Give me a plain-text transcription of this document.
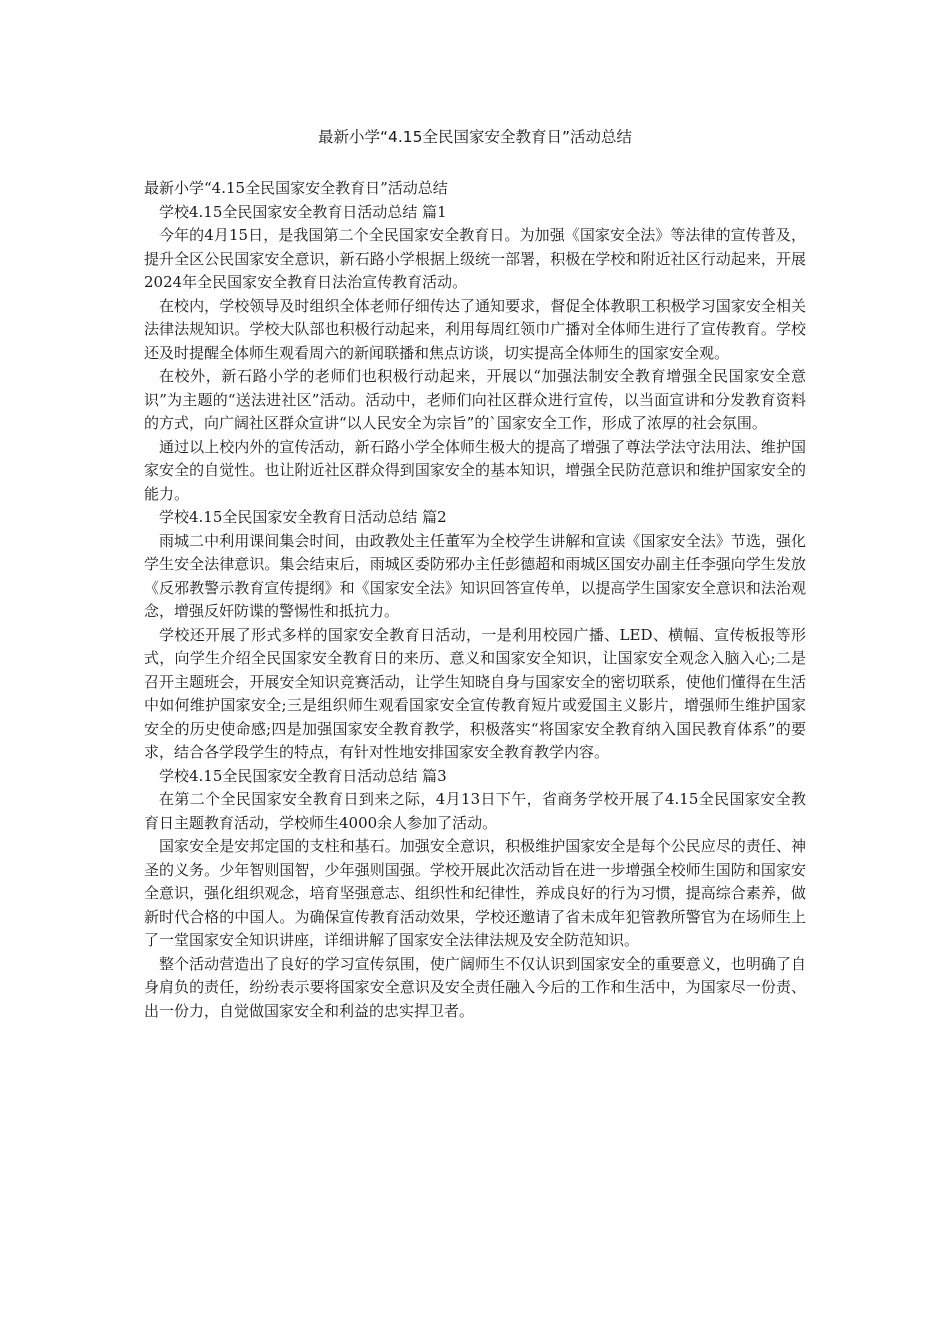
最新小学“4.15全民国家安全教育日”活动总结

最新小学“4.15全民国家安全教育日”活动总结

学校4.15全民国家安全教育日活动总结 篇1

今年的4月15日，是我国第二个全民国家安全教育日。为加强《国家安全法》等法律的宣传普及，提升全区公民国家安全意识，新石路小学根据上级统一部署，积极在学校和附近社区行动起来，开展2024年全民国家安全教育日法治宣传教育活动。

在校内，学校领导及时组织全体老师仔细传达了通知要求，督促全体教职工积极学习国家安全相关法律法规知识。学校大队部也积极行动起来，利用每周红领巾广播对全体师生进行了宣传教育。学校还及时提醒全体师生观看周六的新闻联播和焦点访谈，切实提高全体师生的国家安全观。

在校外，新石路小学的老师们也积极行动起来，开展以“加强法制安全教育增强全民国家安全意识”为主题的“送法进社区”活动。活动中，老师们向社区群众进行宣传，以当面宣讲和分发教育资料的方式，向广阔社区群众宣讲“以人民安全为宗旨”的`国家安全工作，形成了浓厚的社会氛围。

通过以上校内外的宣传活动，新石路小学全体师生极大的提高了增强了尊法学法守法用法、维护国家安全的自觉性。也让附近社区群众得到国家安全的基本知识，增强全民防范意识和维护国家安全的能力。

学校4.15全民国家安全教育日活动总结 篇2

雨城二中利用课间集会时间，由政教处主任董军为全校学生讲解和宣读《国家安全法》节选，强化学生安全法律意识。集会结束后，雨城区委防邪办主任彭德超和雨城区国安办副主任李强向学生发放《反邪教警示教育宣传提纲》和《国家安全法》知识回答宣传单，以提高学生国家安全意识和法治观念，增强反奸防谍的警惕性和抵抗力。

学校还开展了形式多样的国家安全教育日活动，一是利用校园广播、LED、横幅、宣传板报等形式，向学生介绍全民国家安全教育日的来历、意义和国家安全知识，让国家安全观念入脑入心;二是召开主题班会，开展安全知识竞赛活动，让学生知晓自身与国家安全的密切联系，使他们懂得在生活中如何维护国家安全;三是组织师生观看国家安全宣传教育短片或爱国主义影片，增强师生维护国家安全的历史使命感;四是加强国家安全教育教学，积极落实“将国家安全教育纳入国民教育体系”的要求，结合各学段学生的特点，有针对性地安排国家安全教育教学内容。

学校4.15全民国家安全教育日活动总结 篇3

在第二个全民国家安全教育日到来之际，4月13日下午，省商务学校开展了4.15全民国家安全教育日主题教育活动，学校师生4000余人参加了活动。

国家安全是安邦定国的支柱和基石。加强安全意识，积极维护国家安全是每个公民应尽的责任、神圣的义务。少年智则国智，少年强则国强。学校开展此次活动旨在进一步增强全校师生国防和国家安全意识，强化组织观念，培育坚强意志、组织性和纪律性，养成良好的行为习惯，提高综合素养，做新时代合格的中国人。为确保宣传教育活动效果，学校还邀请了省未成年犯管教所警官为在场师生上了一堂国家安全知识讲座，详细讲解了国家安全法律法规及安全防范知识。

整个活动营造出了良好的学习宣传氛围，使广阔师生不仅认识到国家安全的重要意义，也明确了自身肩负的责任，纷纷表示要将国家安全意识及安全责任融入今后的工作和生活中，为国家尽一份责、出一份力，自觉做国家安全和利益的忠实捍卫者。
